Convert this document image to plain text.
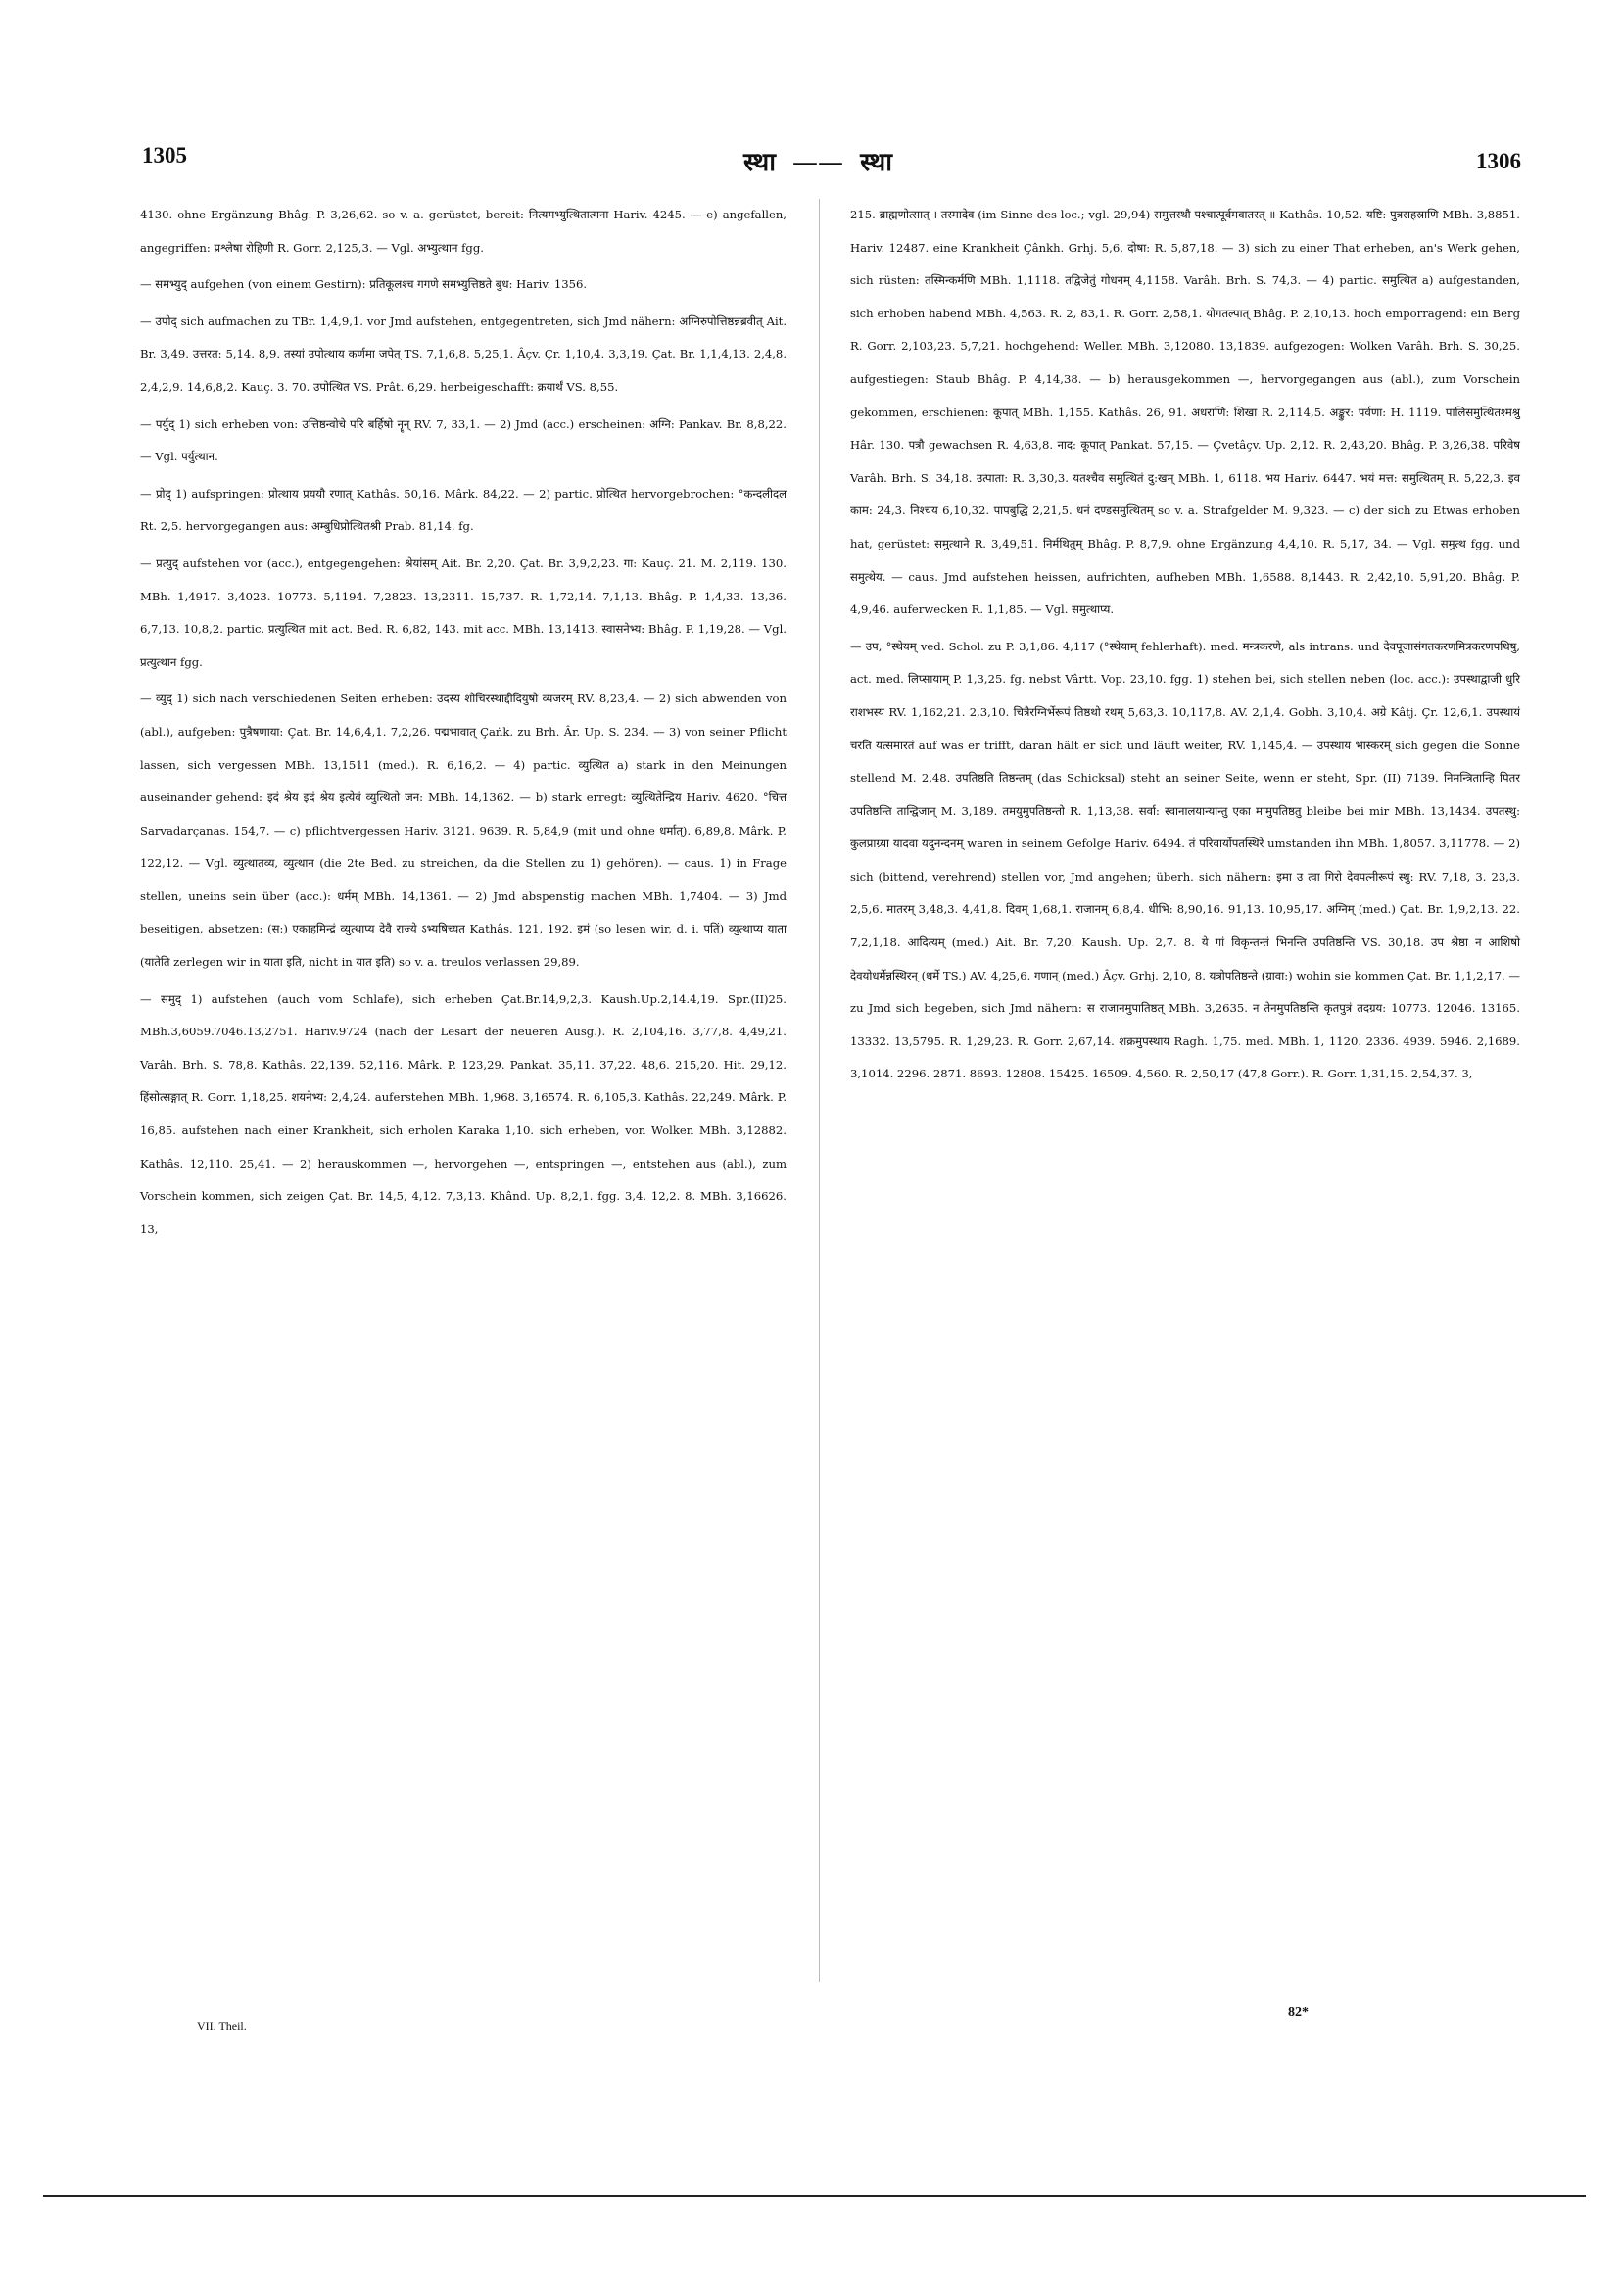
1305	स्था —— स्था	1306

4130. ohne Ergänzung Bhâg. P. 3,26,62. so v. a. gerüstet, bereit: नित्यमभ्युत्थितात्मना Hariv. 4245. — e) angefallen, angegriffen: प्रश्लेषा रोहिणी R. Gorr. 2,125,3. — Vgl. अभ्युत्थान fgg.

— समभ्युद् aufgehen (von einem Gestirn): प्रतिकूलश्च गगणे समभ्युत्तिष्ठते बुध: Hariv. 1356.

— उपोद् sich aufmachen zu TBr. 1,4,9,1. vor Jmd aufstehen, entgegentreten, sich Jmd nähern: अग्निरुपोत्तिष्ठन्नब्रवीत् Ait. Br. 3,49. उत्तरत: 5,14. 8,9. तस्यां उपोत्थाय कर्णमा जपेत् TS. 7,1,6,8. 5,25,1. Âçv. Çr. 1,10,4. 3,3,19. Çat. Br. 1,1,4,13. 2,4,8. 2,4,2,9. 14,6,8,2. Kauç. 3. 70. उपोत्थित VS. Prât. 6,29. herbeigeschafft: क्रयार्थं VS. 8,55.

— पर्युद् 1) sich erheben von: उत्तिष्ठन्वोचे परि बर्हिषो नॄन् RV. 7, 33,1. — 2) Jmd (acc.) erscheinen: अग्नि: Pankav. Br. 8,8,22. — Vgl. पर्युत्थान.

— प्रोद् 1) aufspringen: प्रोत्थाय प्रययौ रणात् Kathâs. 50,16. Mârk. 84,22. — 2) partic. प्रोत्थित hervorgebrochen: °कन्दलीदल Rt. 2,5. hervorgegangen aus: अम्बुधिप्रोत्थितश्री Prab. 81,14. fg.

— प्रत्युद् aufstehen vor (acc.), entgegengehen: श्रेयांसम् Ait. Br. 2,20. Çat. Br. 3,9,2,23. गा: Kauç. 21. M. 2,119. 130. MBh. 1,4917. 3,4023. 10773. 5,1194. 7,2823. 13,2311. 15,737. R. 1,72,14. 7,1,13. Bhâg. P. 1,4,33. 13,36. 6,7,13. 10,8,2. partic. प्रत्युत्थित mit act. Bed. R. 6,82, 143. mit acc. MBh. 13,1413. स्वासनेभ्य: Bhâg. P. 1,19,28. — Vgl. प्रत्युत्थान fgg.

— व्युद् 1) sich nach verschiedenen Seiten erheben: उदस्य शोचिरस्थाद्दीदियुषो व्यजरम् RV. 8,23,4. — 2) sich abwenden von (abl.), aufgeben: पुत्रैषणाया: Çat. Br. 14,6,4,1. 7,2,26. पद्मभावात् Çaṅk. zu Brh. Âr. Up. S. 234. — 3) von seiner Pflicht lassen, sich vergessen MBh. 13,1511 (med.). R. 6,16,2. — 4) partic. व्युत्थित a) stark in den Meinungen auseinander gehend: इदं श्रेय इदं श्रेय इत्येवं व्युत्थितो जन: MBh. 14,1362. — b) stark erregt: व्युत्थितेन्द्रिय Hariv. 4620. °चित्त Sarvadarçanas. 154,7. — c) pflichtvergessen Hariv. 3121. 9639. R. 5,84,9 (mit und ohne धर्मात्). 6,89,8. Mârk. P. 122,12. — Vgl. व्युत्थातव्य, व्युत्थान (die 2te Bed. zu streichen, da die Stellen zu 1) gehören). — caus. 1) in Frage stellen, uneins sein über (acc.): धर्मम् MBh. 14,1361. — 2) Jmd abspenstig machen MBh. 1,7404. — 3) Jmd beseitigen, absetzen: (स:) एकाहमिन्द्रं व्युत्थाप्य देवै राज्ये ऽभ्यषिच्यत Kathâs. 121, 192. इमं (so lesen wir, d. i. पतिं) व्युत्थाप्य याता (यातेति zerlegen wir in याता इति, nicht in यात इति) so v. a. treulos verlassen 29,89.

— समुद् 1) aufstehen (auch vom Schlafe), sich erheben Çat.Br.14,9,2,3. Kaush.Up.2,14.4,19. Spr.(II)25. MBh.3,6059.7046.13,2751. Hariv.9724 (nach der Lesart der neueren Ausg.). R. 2,104,16. 3,77,8. 4,49,21. Varâh. Brh. S. 78,8. Kathâs. 22,139. 52,116. Mârk. P. 123,29. Pankat. 35,11. 37,22. 48,6. 215,20. Hit. 29,12. हिंसोत्सङ्गात् R. Gorr. 1,18,25. शयनेभ्य: 2,4,24. auferstehen MBh. 1,968. 3,16574. R. 6,105,3. Kathâs. 22,249. Mârk. P. 16,85. aufstehen nach einer Krankheit, sich erholen Karaka 1,10. sich erheben, von Wolken MBh. 3,12882. Kathâs. 12,110. 25,41. — 2) herauskommen —, hervorgehen —, entspringen —, entstehen aus (abl.), zum Vorschein kommen, sich zeigen Çat. Br. 14,5, 4,12. 7,3,13. Khând. Up. 8,2,1. fgg. 3,4. 12,2. 8. MBh. 3,16626. 13,

215. ब्राह्मणोत्सात् । तस्मादेव (im Sinne des loc.; vgl. 29,94) समुत्तस्थौ पश्चात्पूर्वमवातरत् ॥ Kathâs. 10,52. यष्टि: पुत्रसहस्राणि MBh. 3,8851. Hariv. 12487. eine Krankheit Çânkh. Grhj. 5,6. दोषा: R. 5,87,18. — 3) sich zu einer That erheben, an's Werk gehen, sich rüsten: तस्मिन्कर्मणि MBh. 1,1118. तद्विजेतुं गोधनम् 4,1158. Varâh. Brh. S. 74,3. — 4) partic. समुत्थित a) aufgestanden, sich erhoben habend MBh. 4,563. R. 2, 83,1. R. Gorr. 2,58,1. योगतल्पात् Bhâg. P. 2,10,13. hoch emporragend: ein Berg R. Gorr. 2,103,23. 5,7,21. hochgehend: Wellen MBh. 3,12080. 13,1839. aufgezogen: Wolken Varâh. Brh. S. 30,25. aufgestiegen: Staub Bhâg. P. 4,14,38. — b) herausgekommen —, hervorgegangen aus (abl.), zum Vorschein gekommen, erschienen: कूपात् MBh. 1,155. Kathâs. 26, 91. अधराणि: शिखा R. 2,114,5. अङ्कुर: पर्वणा: H. 1119. पालिसमुत्थितश्मश्रु Hâr. 130. पत्रौ gewachsen R. 4,63,8. नाद: कूपात् Pankat. 57,15. — Çvetâçv. Up. 2,12. R. 2,43,20. Bhâg. P. 3,26,38. परिवेष Varâh. Brh. S. 34,18. उत्पाता: R. 3,30,3. यतश्चैव समुत्थितं दु:खम् MBh. 1, 6118. भय Hariv. 6447. भयं मत्त: समुत्थितम् R. 5,22,3. इव काम: 24,3. निश्चय 6,10,32. पापबुद्धि 2,21,5. धनं दण्डसमुत्थितम् so v. a. Strafgelder M. 9,323. — c) der sich zu Etwas erhoben hat, gerüstet: समुत्थाने R. 3,49,51. निर्मथितुम् Bhâg. P. 8,7,9. ohne Ergänzung 4,4,10. R. 5,17, 34. — Vgl. समुत्थ fgg. und समुत्थेय. — caus. Jmd aufstehen heissen, aufrichten, aufheben MBh. 1,6588. 8,1443. R. 2,42,10. 5,91,20. Bhâg. P. 4,9,46. auferwecken R. 1,1,85. — Vgl. समुत्थाप्य.

— उप, °स्थेयम् ved. Schol. zu P. 3,1,86. 4,117 (°स्थेयाम् fehlerhaft). med. मन्त्रकरणे, als intrans. und देवपूजासंगतकरणमित्रकरणपथिषु, act. med. लिप्सायाम् P. 1,3,25. fg. nebst Vârtt. Vop. 23,10. fgg. 1) stehen bei, sich stellen neben (loc. acc.): उपस्थाद्वाजी धुरि राशभस्य RV. 1,162,21. 2,3,10. चित्रैरग्निर्भेरूपं तिष्ठथो रथम् 5,63,3. 10,117,8. AV. 2,1,4. Gobh. 3,10,4. अग्रे Kâtj. Çr. 12,6,1. उपस्थायं चरति यत्समारतं auf was er trifft, daran hält er sich und läuft weiter, RV. 1,145,4. — उपस्थाय भास्करम् sich gegen die Sonne stellend M. 2,48. उपतिष्ठति तिष्ठन्तम् (das Schicksal) steht an seiner Seite, wenn er steht, Spr. (II) 7139. निमन्त्रितान्हि पितर उपतिष्ठन्ति तान्द्विजान् M. 3,189. तमयुमुपतिष्ठन्तो R. 1,13,38. सर्वा: स्वानालयान्यान्तु एका मामुपतिष्ठतु bleibe bei mir MBh. 13,1434. उपतस्थु: कुलप्राग्र्या यादवा यदुनन्दनम् waren in seinem Gefolge Hariv. 6494. तं परिवार्योपतस्थिरे umstanden ihn MBh. 1,8057. 3,11778. — 2) sich (bittend, verehrend) stellen vor, Jmd angehen; überh. sich nähern: इमा उ त्वा गिरो देवपत्नीरूपं स्थु: RV. 7,18, 3. 23,3. 2,5,6. मातरम् 3,48,3. 4,41,8. दिवम् 1,68,1. राजानम् 6,8,4. धीभि: 8,90,16. 91,13. 10,95,17. अग्निम् (med.) Çat. Br. 1,9,2,13. 22. 7,2,1,18. आदित्यम् (med.) Ait. Br. 7,20. Kaush. Up. 2,7. 8. ये गां विकृन्तन्तं भिनन्ति उपतिष्ठन्ति VS. 30,18. उप श्रेष्ठा न आशिषो देवयोधर्मेन्नस्थिरन् (धर्मे TS.) AV. 4,25,6. गणान् (med.) Âçv. Grhj. 2,10, 8. यत्रोपतिष्ठन्ते (ग्रावा:) wohin sie kommen Çat. Br. 1,1,2,17. — zu Jmd sich begeben, sich Jmd nähern: स राजानमुपातिष्ठत् MBh. 3,2635. न तेनमुपतिष्ठन्ति कृतपुत्रं तदग्रय: 10773. 12046. 13165. 13332. 13,5795. R. 1,29,23. R. Gorr. 2,67,14. शक्रमुपस्थाय Ragh. 1,75. med. MBh. 1, 1120. 2336. 4939. 5946. 2,1689. 3,1014. 2296. 2871. 8693. 12808. 15425. 16509. 4,560. R. 2,50,17 (47,8 Gorr.). R. Gorr. 1,31,15. 2,54,37. 3,

VII. Theil.
82*
